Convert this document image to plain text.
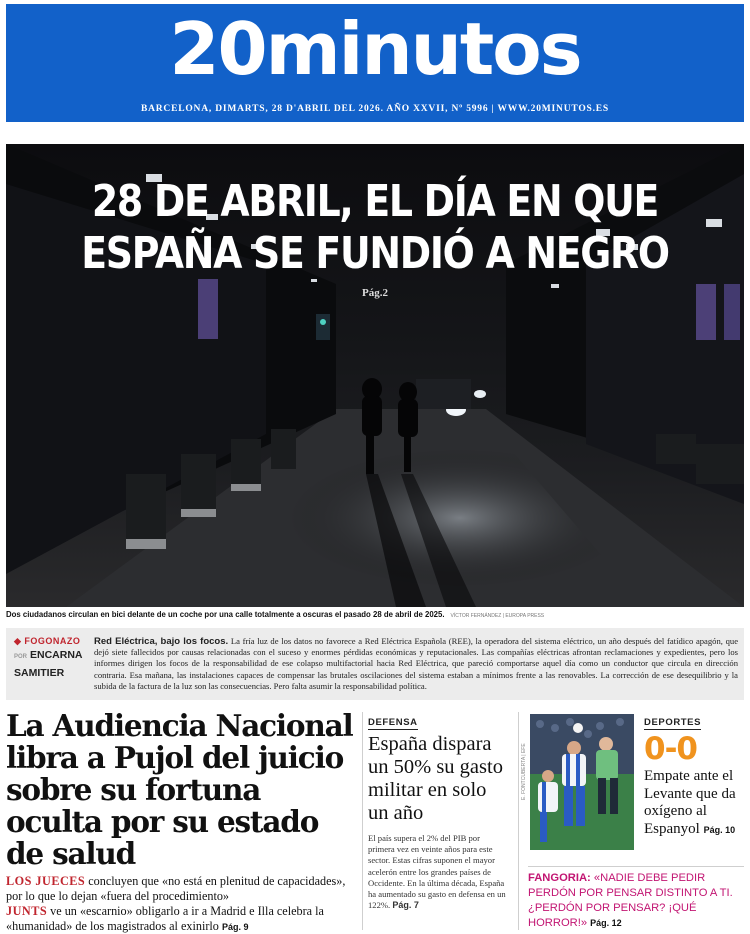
20minutos
BARCELONA, DIMARTS, 28 D'ABRIL DEL 2026. AÑO XXVII, Nº 5996 | WWW.20MINUTOS.ES
28 DE ABRIL, EL DÍA EN QUE
ESPAÑA SE FUNDIÓ A NEGRO
Pág.2
Dos ciudadanos circulan en bici delante de un coche por una calle totalmente a oscuras el pasado 28 de abril de 2025. VÍCTOR FERNÁNDEZ | EUROPA PRESS
◆ FOGONAZO
POR ENCARNA
SAMITIER
Red Eléctrica, bajo los focos. La fría luz de los datos no favorece a Red Eléctrica Española (REE), la operadora del sistema eléctrico, un año después del fatídico apagón, que dejó siete fallecidos por causas relacionadas con el suceso y enormes pérdidas económicas y reputacionales. Las compañías eléctricas afrontan reclamaciones y expedientes, pero los informes dirigen los focos de la responsabilidad de ese colapso multifactorial hacia Red Eléctrica, que pareció comportarse aquel día como un conductor que circula en dirección contraria. Esa mañana, las instalaciones capaces de compensar las brutales oscilaciones del sistema estaban a mínimos frente a las renovables. La corrección de ese desequilibrio y la subida de la factura de la luz son las consecuencias. Pero falta asumir la responsabilidad política.
La Audiencia Nacional libra a Pujol del juicio sobre su fortuna oculta por su estado de salud
LOS JUECES concluyen que «no está en plenitud de capacidades», por lo que lo dejan «fuera del procedimiento»
JUNTS ve un «escarnio» obligarlo a ir a Madrid e Illa celebra la «humanidad» de los magistrados al exinirlo Pág. 9
DEFENSA
España dispara un 50% su gasto militar en solo un año
El país supera el 2% del PIB por primera vez en veinte años para este sector. Estas cifras suponen el mayor acelerón entre los grandes países de Occidente. En la última década, España ha aumentado su gasto en defensa en un 122%. Pág. 7
E. FONTCUBERTA | EFE
DEPORTES
0-0
Empate ante el Levante que da oxígeno al Espanyol Pág. 10
FANGORIA: «NADIE DEBE PEDIR PERDÓN POR PENSAR DISTINTO A TI. ¿PERDÓN POR PENSAR? ¡QUÉ HORROR!» Pág. 12
